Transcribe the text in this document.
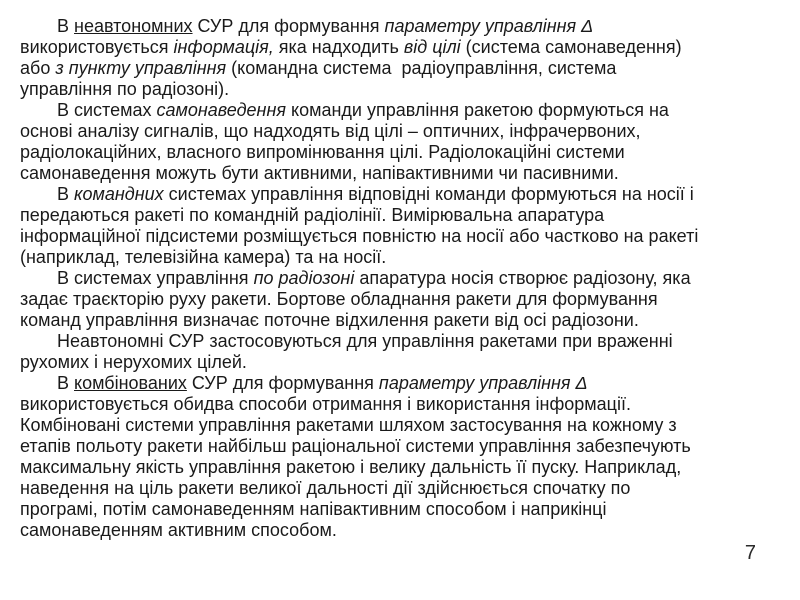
В неавтономних СУР для формування параметру управління Δ
використовується інформація, яка надходить від цілі (система самонаведення)
або з пункту управління (командна система  радіоуправління, система
управління по радіозоні).
В системах самонаведення команди управління ракетою формуються на
основі аналізу сигналів, що надходять від цілі – оптичних, інфрачервоних,
радіолокаційних, власного випромінювання цілі. Радіолокаційні системи
самонаведення можуть бути активними, напівактивними чи пасивними.
В командних системах управління відповідні команди формуються на носії і
передаються ракеті по командній радіолінії. Вимірювальна апаратура
інформаційної підсистеми розміщується повністю на носії або частково на ракеті
(наприклад, телевізійна камера) та на носії.
В системах управління по радіозоні апаратура носія створює радіозону, яка
задає траєкторію руху ракети. Бортове обладнання ракети для формування
команд управління визначає поточне відхилення ракети від осі радіозони.
Неавтономні СУР застосовуються для управління ракетами при враженні
рухомих і нерухомих цілей.
В комбінованих СУР для формування параметру управління Δ
використовується обидва способи отримання і використання інформації.
Комбіновані системи управління ракетами шляхом застосування на кожному з
етапів польоту ракети найбільш раціональної системи управління забезпечують
максимальну якість управління ракетою і велику дальність її пуску. Наприклад,
наведення на ціль ракети великої дальності дії здійснюється спочатку по
програмі, потім самонаведенням напівактивним способом і наприкінці
самонаведенням активним способом.
7
